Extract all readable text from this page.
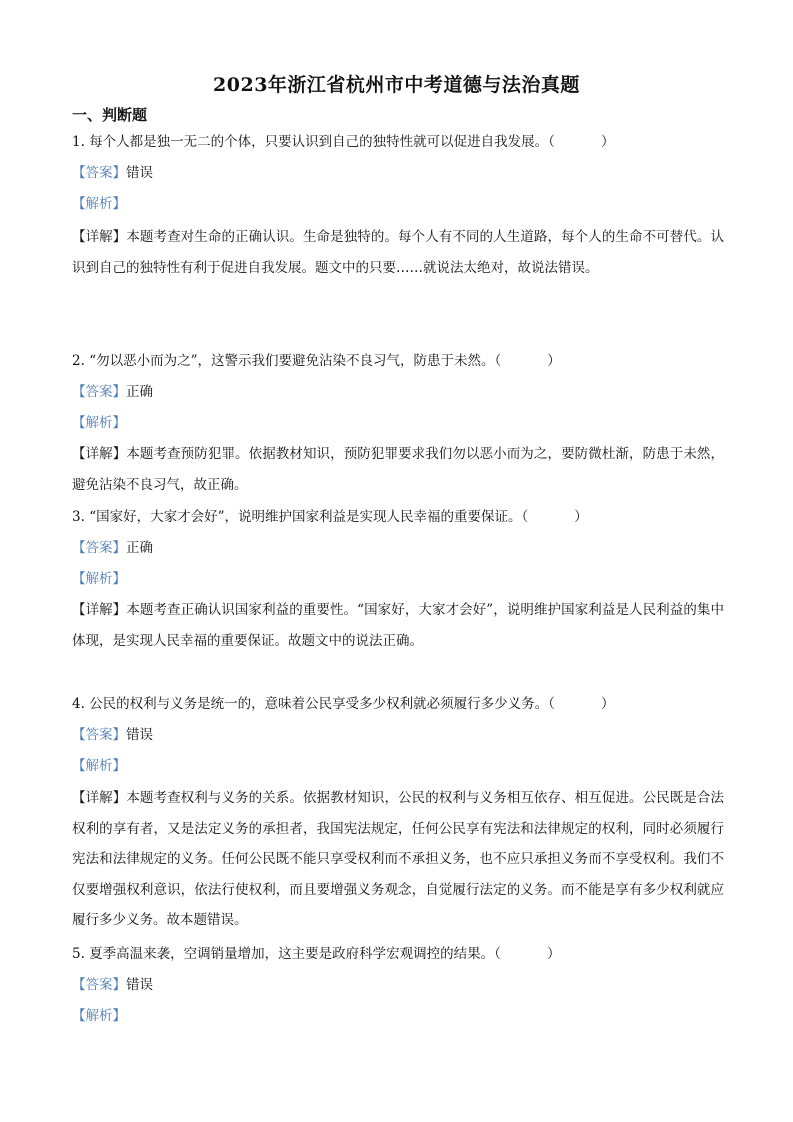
2023年浙江省杭州市中考道德与法治真题
一、判断题
1. 每个人都是独一无二的个体，只要认识到自己的独特性就可以促进自我发展。（	）
【答案】错误
【解析】
【详解】本题考查对生命的正确认识。生命是独特的。每个人有不同的人生道路，每个人的生命不可替代。认识到自己的独特性有利于促进自我发展。题文中的只要……就说法太绝对，故说法错误。
2. “勿以恶小而为之”，这警示我们要避免沾染不良习气，防患于未然。（	）
【答案】正确
【解析】
【详解】本题考查预防犯罪。依据教材知识，预防犯罪要求我们勿以恶小而为之，要防微杜渐，防患于未然，避免沾染不良习气，故正确。
3. “国家好，大家才会好”，说明维护国家利益是实现人民幸福的重要保证。（	）
【答案】正确
【解析】
【详解】本题考查正确认识国家利益的重要性。“国家好，大家才会好”，说明维护国家利益是人民利益的集中体现，是实现人民幸福的重要保证。故题文中的说法正确。
4. 公民的权利与义务是统一的，意味着公民享受多少权利就必须履行多少义务。（	）
【答案】错误
【解析】
【详解】本题考查权利与义务的关系。依据教材知识，公民的权利与义务相互依存、相互促进。公民既是合法权利的享有者，又是法定义务的承担者，我国宪法规定，任何公民享有宪法和法律规定的权利，同时必须履行宪法和法律规定的义务。任何公民既不能只享受权利而不承担义务，也不应只承担义务而不享受权利。我们不仅要增强权利意识，依法行使权利，而且要增强义务观念，自觉履行法定的义务。而不能是享有多少权利就应履行多少义务。故本题错误。
5. 夏季高温来袭，空调销量增加，这主要是政府科学宏观调控的结果。（	）
【答案】错误
【解析】
